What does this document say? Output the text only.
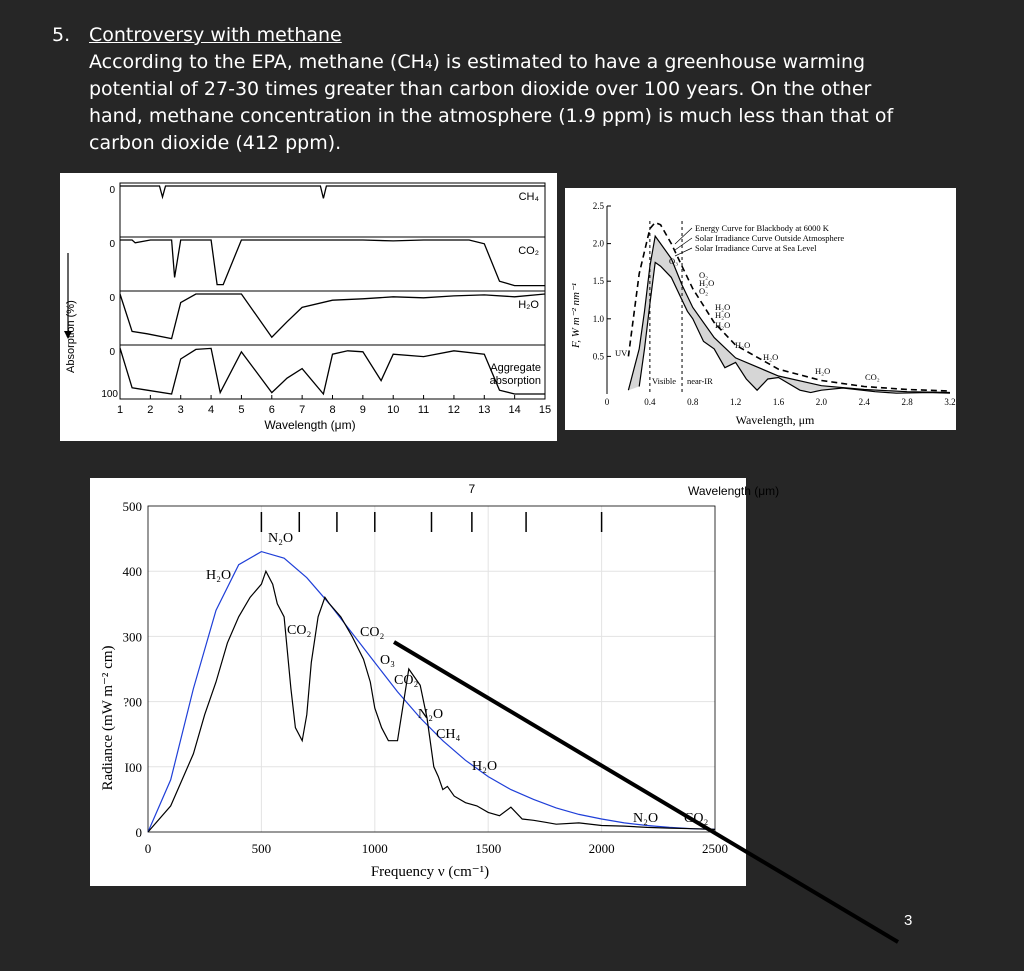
5. Controversy with methane
According to the EPA, methane (CH₄) is estimated to have a greenhouse warming potential of 27-30 times greater than carbon dioxide over 100 years. On the other hand, methane concentration in the atmosphere (1.9 ppm) is much less than that of carbon dioxide (412 ppm).
0
CH₄
0
CO₂
0
H₂O
0
Aggregate
absorption
100
1 2 3 4 5 6 7 8 9 10 11 12 13 14 15
Absorption (%)
Wavelength (μm)
0.5
1.0
1.5
2.0
2.5
0	0.4	0.8	1.2	1.6	2.0	2.4	2.8	3.2
Energy Curve for Blackbody at 6000 K
Solar Irradiance Curve Outside Atmosphere
Solar Irradiance Curve at Sea Level
O₃
O₂
H₂O
O₂
H₂O
H₂O
H₂O
H₂O
H₂O
H₂O
CO₂
UV
Visible near-IR
F, W m⁻² nm⁻¹
Wavelength, μm
0	500	1000	1500	2000	2500
0
I00
?00
300
400
500
20 15 12 10	8	7	6	5
H₂O
N₂O
CO₂	CO₂
O₃
CO₂
N₂O
CH₄
H₂O
N₂O CO₂
Radiance (mW m⁻² cm)
Frequency ν (cm⁻¹)
Wavelength (μm)
3
